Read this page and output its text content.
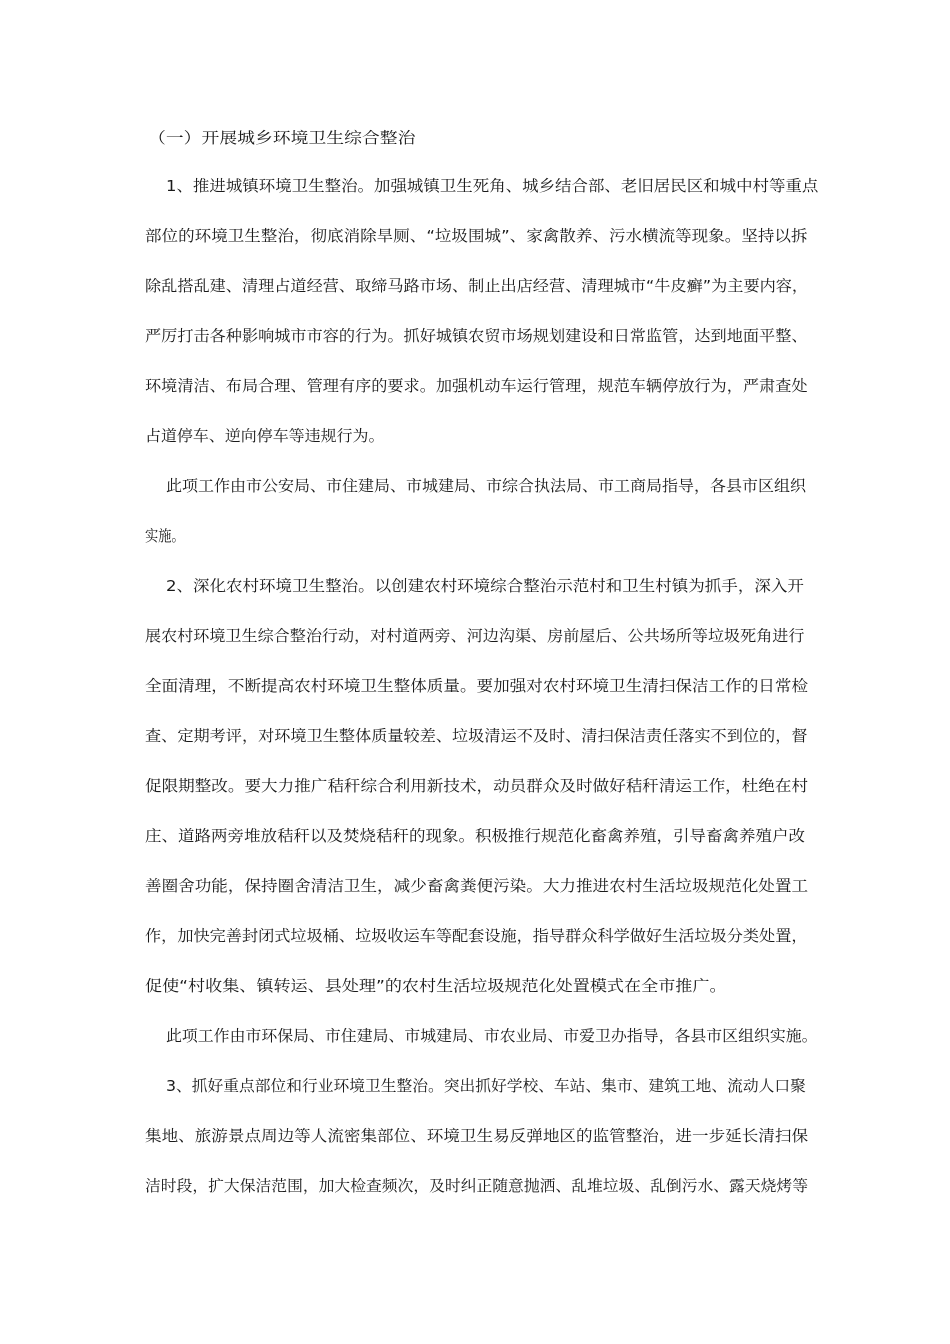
（一）开展城乡环境卫生综合整治
1、推进城镇环境卫生整治。加强城镇卫生死角、城乡结合部、老旧居民区和城中村等重点
部位的环境卫生整治，彻底消除旱厕、“垃圾围城”、家禽散养、污水横流等现象。坚持以拆
除乱搭乱建、清理占道经营、取缔马路市场、制止出店经营、清理城市“牛皮癣”为主要内容，
严厉打击各种影响城市市容的行为。抓好城镇农贸市场规划建设和日常监管，达到地面平整、
环境清洁、布局合理、管理有序的要求。加强机动车运行管理，规范车辆停放行为，严肃查处
占道停车、逆向停车等违规行为。
此项工作由市公安局、市住建局、市城建局、市综合执法局、市工商局指导，各县市区组织
实施。
2、深化农村环境卫生整治。以创建农村环境综合整治示范村和卫生村镇为抓手，深入开
展农村环境卫生综合整治行动，对村道两旁、河边沟渠、房前屋后、公共场所等垃圾死角进行
全面清理，不断提高农村环境卫生整体质量。要加强对农村环境卫生清扫保洁工作的日常检
查、定期考评，对环境卫生整体质量较差、垃圾清运不及时、清扫保洁责任落实不到位的，督
促限期整改。要大力推广秸秆综合利用新技术，动员群众及时做好秸秆清运工作，杜绝在村
庄、道路两旁堆放秸秆以及焚烧秸秆的现象。积极推行规范化畜禽养殖，引导畜禽养殖户改
善圈舍功能，保持圈舍清洁卫生，减少畜禽粪便污染。大力推进农村生活垃圾规范化处置工
作，加快完善封闭式垃圾桶、垃圾收运车等配套设施，指导群众科学做好生活垃圾分类处置，
促使“村收集、镇转运、县处理”的农村生活垃圾规范化处置模式在全市推广。
此项工作由市环保局、市住建局、市城建局、市农业局、市爱卫办指导，各县市区组织实施。
3、抓好重点部位和行业环境卫生整治。突出抓好学校、车站、集市、建筑工地、流动人口聚
集地、旅游景点周边等人流密集部位、环境卫生易反弹地区的监管整治，进一步延长清扫保
洁时段，扩大保洁范围，加大检查频次，及时纠正随意抛洒、乱堆垃圾、乱倒污水、露天烧烤等
